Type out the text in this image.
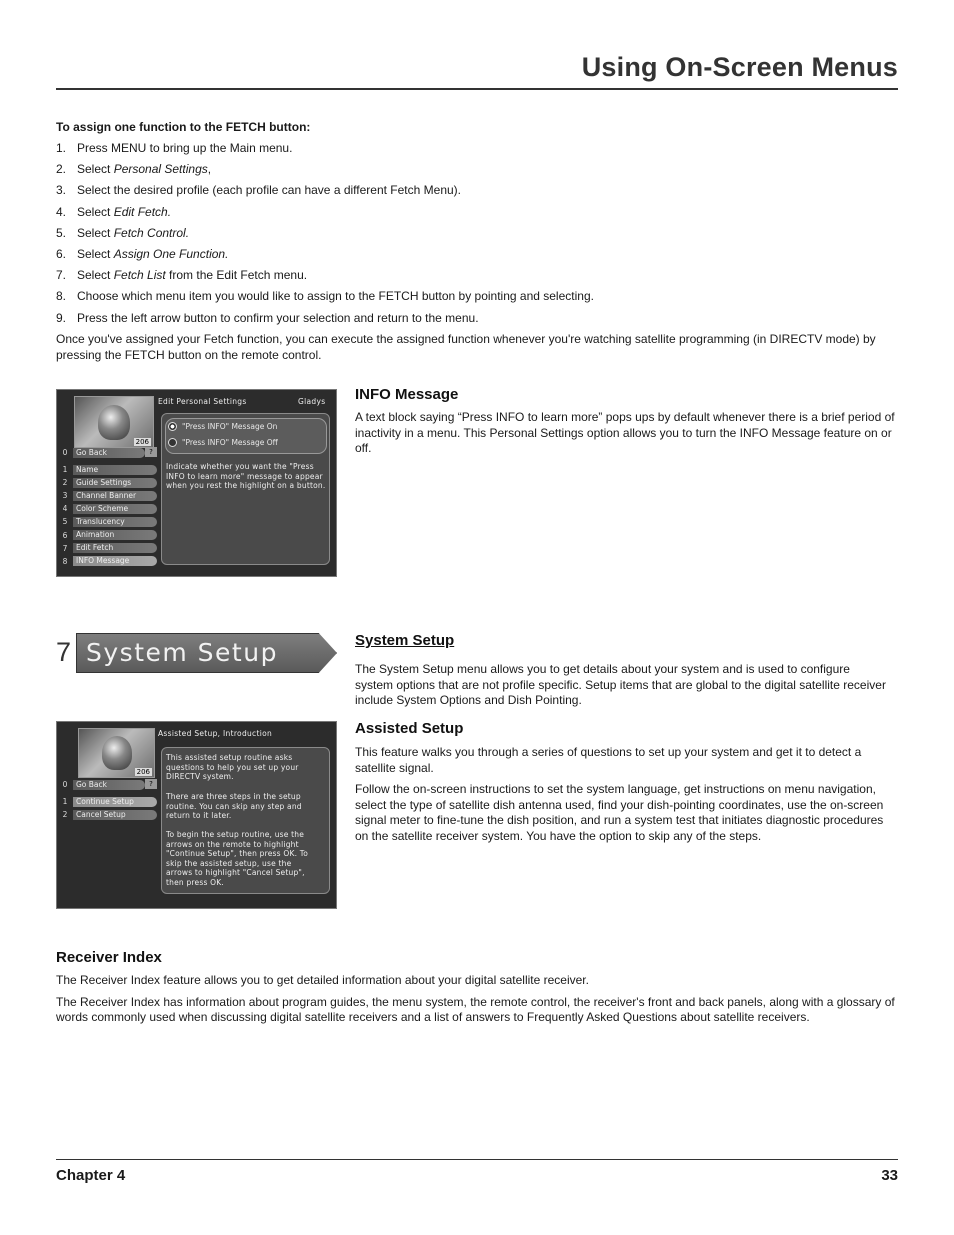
Using On-Screen Menus
To assign one function to the FETCH button:
1. Press MENU to bring up the Main menu.
2. Select Personal Settings,
3. Select the desired profile (each profile can have a different Fetch Menu).
4. Select Edit Fetch.
5. Select Fetch Control.
6. Select Assign One Function.
7. Select Fetch List from the Edit Fetch menu.
8. Choose which menu item you would like to assign to the FETCH button by pointing and selecting.
9. Press the left arrow button to confirm your selection and return to the menu.
Once you've assigned your Fetch function, you can execute the assigned function whenever you're watching satellite programming (in DIRECTV mode) by pressing the FETCH button on the remote control.
206
Edit Personal Settings	Gladys
0	Go Back	?
1	Name
2	Guide Settings
3	Channel Banner
4	Color Scheme
5	Translucency
6	Animation
7	Edit Fetch
8	INFO Message
"Press INFO" Message On
"Press INFO" Message Off
Indicate whether you want the "Press INFO to learn more" message to appear when you rest the highlight on a button.
INFO Message
A text block saying “Press INFO to learn more” pops ups by default whenever there is a brief period of inactivity in a menu. This Personal Settings option allows you to turn the INFO Message feature on or off.
7 System Setup	System Setup
The System Setup menu allows you to get details about your system and is used to configure system options that are not profile specific. Setup items that are global to the digital satellite receiver include System Options and Dish Pointing.
Assisted Setup

This feature walks you through a series of questions to set up your system and get it to detect a satellite signal.

Follow the on-screen instructions to set the system language, get instructions on menu navigation, select the type of satellite dish antenna used, find your dish-pointing coordinates, use the on-screen signal meter to fine-tune the dish position, and run a system test that initiates diagnostic procedures on the satellite receiver system. You have the option to skip any of the steps.

206
Assisted Setup, Introduction
0	Go Back	?
1	Continue Setup
2	Cancel Setup
This assisted setup routine asks questions to help you set up your DIRECTV system.
There are three steps in the setup routine. You can skip any step and return to it later.
To begin the setup routine, use the arrows on the remote to highlight "Continue Setup", then press OK. To skip the assisted setup, use the arrows to highlight "Cancel Setup", then press OK.
Receiver Index

The Receiver Index feature allows you to get detailed information about your digital satellite receiver.

The Receiver Index has information about program guides, the menu system, the remote control, the receiver's front and back panels, along with a glossary of words commonly used when discussing digital satellite receivers and a list of answers to Frequently Asked Questions about satellite receivers.

Chapter 4	33
